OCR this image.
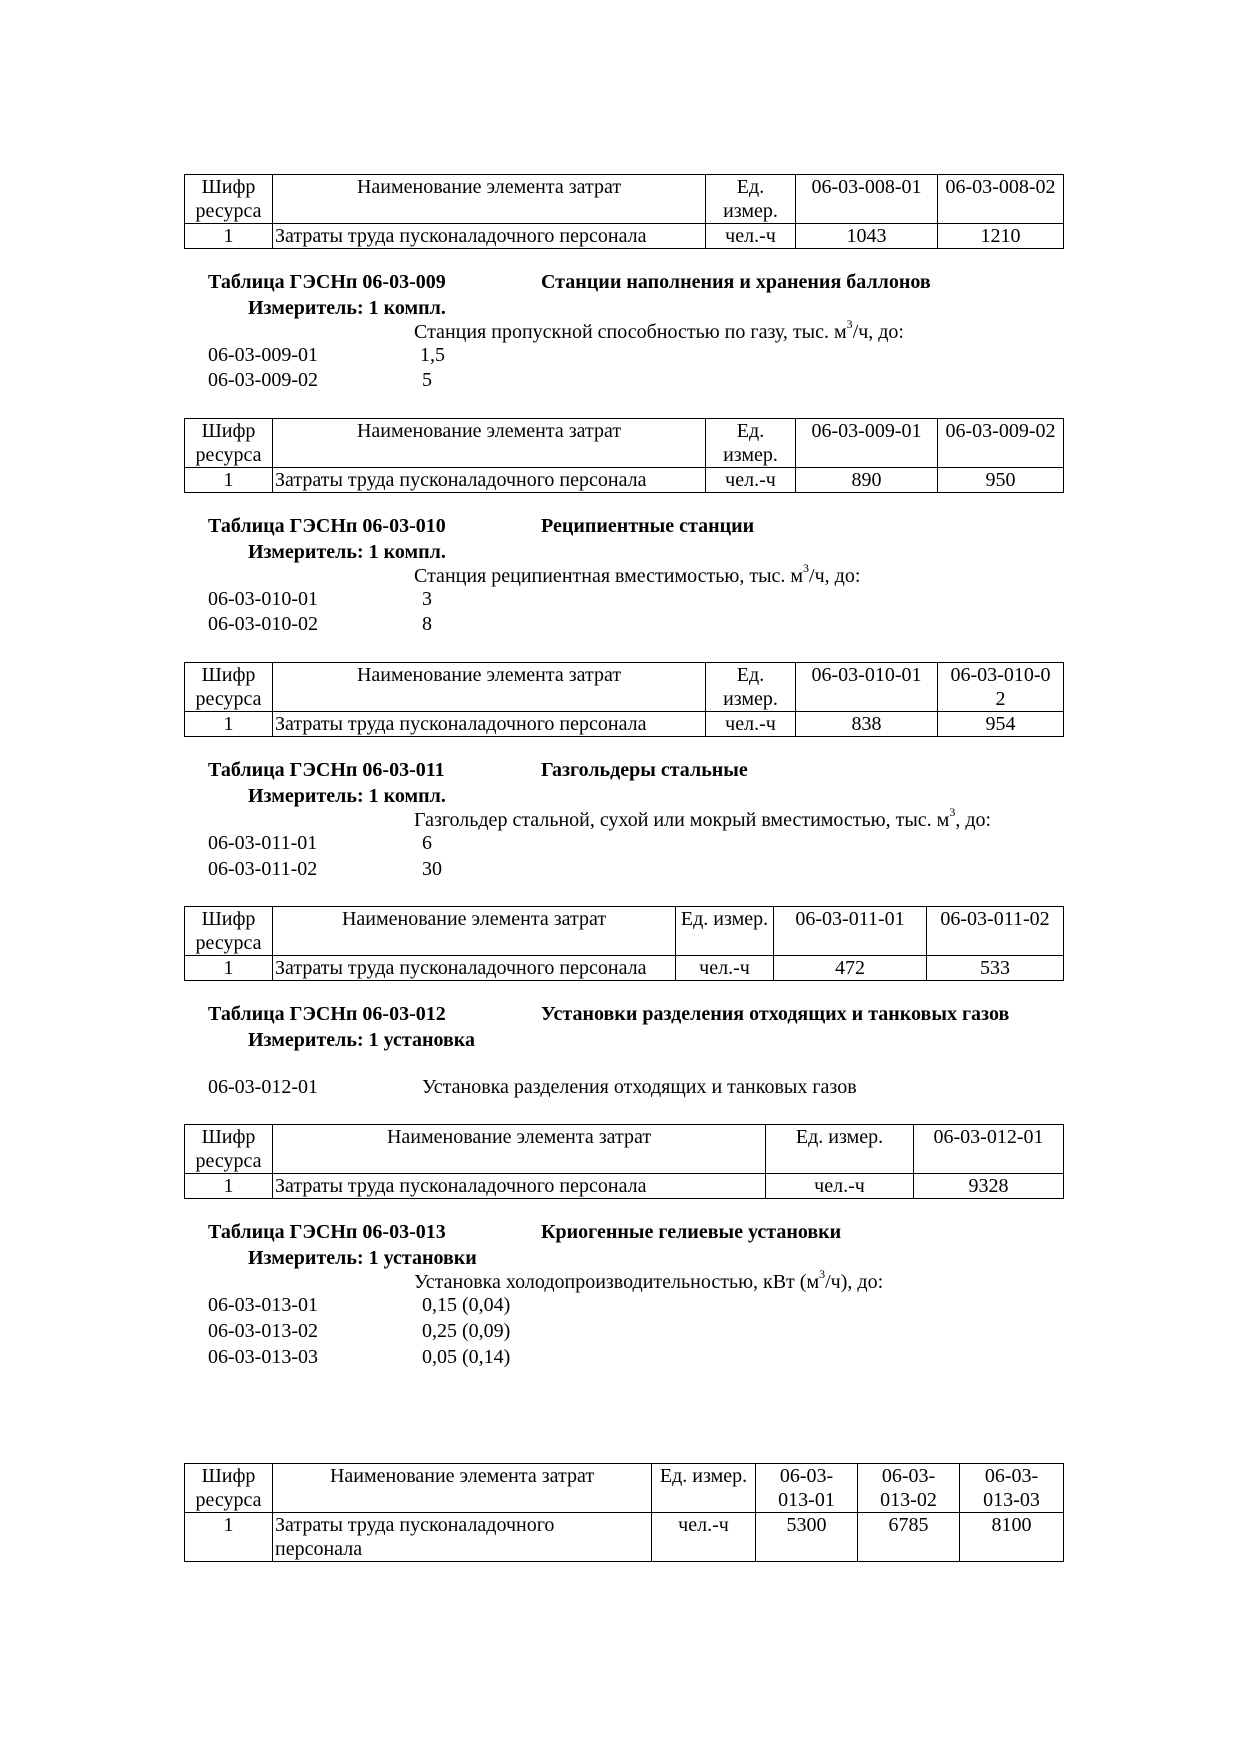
Шифр ресурса	Наименование элемента затрат	Ед. измер.	06-03-008-01	06-03-008-02
1	Затраты труда пусконаладочного персонала	чел.-ч	1043	1210
Таблица ГЭСНп 06-03-009	Станции наполнения и хранения баллонов
Измеритель: 1 компл.
Станция пропускной способностью по газу, тыс. $м^3/ч$, до:
06-03-009-01	1,5
06-03-009-02	5
Шифр ресурса	Наименование элемента затрат	Ед. измер.	06-03-009-01	06-03-009-02
1	Затраты труда пусконаладочного персонала	чел.-ч	890	950
Таблица ГЭСНп 06-03-010	Реципиентные станции
Измеритель: 1 компл.
Станция реципиентная вместимостью, тыс. $м^3/ч$, до:
06-03-010-01	3
06-03-010-02	8
Шифр ресурса	Наименование элемента затрат	Ед. измер.	06-03-010-01	06-03-010-02
1	Затраты труда пусконаладочного персонала	чел.-ч	838	954
Таблица ГЭСНп 06-03-011	Газгольдеры стальные
Измеритель: 1 компл.
Газгольдер стальной, сухой или мокрый вместимостью, тыс. $м^3$, до:
06-03-011-01	6
06-03-011-02	30
Шифр ресурса	Наименование элемента затрат	Ед. измер.	06-03-011-01	06-03-011-02
1	Затраты труда пусконаладочного персонала	чел.-ч	472	533
Таблица ГЭСНп 06-03-012	Установки разделения отходящих и танковых газов
Измеритель: 1 установка
06-03-012-01	Установка разделения отходящих и танковых газов
Шифр ресурса	Наименование элемента затрат	Ед. измер.	06-03-012-01
1	Затраты труда пусконаладочного персонала	чел.-ч	9328
Таблица ГЭСНп 06-03-013	Криогенные гелиевые установки
Измеритель: 1 установки
Установка холодопроизводительностью, кВт $(м^3/ч)$, до:
06-03-013-01	0,15 (0,04)
06-03-013-02	0,25 (0,09)
06-03-013-03	0,05 (0,14)
Шифр ресурса	Наименование элемента затрат	Ед. измер.	06-03-013-01	06-03-013-02	06-03-013-03
1	Затраты труда пусконаладочного персонала	чел.-ч	5300	6785	8100
